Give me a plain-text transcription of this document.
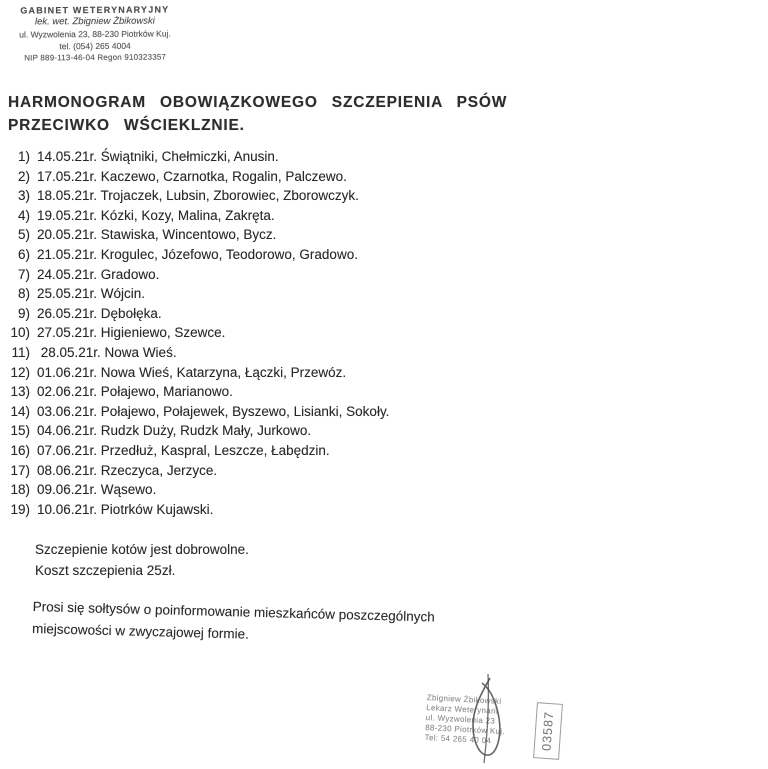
GABINET WETERYNARYJNY
lek. wet. Zbigniew Żbikowski
ul. Wyzwolenia 23, 88-230 Piotrków Kuj.
tel. (054) 265 4004
NIP 889-113-46-04 Regon 910323357
HARMONOGRAM OBOWIĄZKOWEGO SZCZEPIENIA PSÓW
PRZECIWKO WŚCIEKLZNIE.
1) 14.05.21r. Świątniki, Chełmiczki, Anusin.
2) 17.05.21r. Kaczewo, Czarnotka, Rogalin, Palczewo.
3) 18.05.21r. Trojaczek, Lubsin, Zborowiec, Zborowczyk.
4) 19.05.21r. Kózki, Kozy, Malina, Zakręta.
5) 20.05.21r. Stawiska, Wincentowo, Bycz.
6) 21.05.21r. Krogulec, Józefowo, Teodorowo, Gradowo.
7) 24.05.21r. Gradowo.
8) 25.05.21r. Wójcin.
9) 26.05.21r. Dębołęka.
10) 27.05.21r. Higieniewo, Szewce.
11) 28.05.21r. Nowa Wieś.
12) 01.06.21r. Nowa Wieś, Katarzyna, Łączki, Przewóz.
13) 02.06.21r. Połajewo, Marianowo.
14) 03.06.21r. Połajewo, Połajewek, Byszewo, Lisianki, Sokoły.
15) 04.06.21r. Rudzk Duży, Rudzk Mały, Jurkowo.
16) 07.06.21r. Przedłuż, Kaspral, Leszcze, Łabędzin.
17) 08.06.21r. Rzeczyca, Jerzyce.
18) 09.06.21r. Wąsewo.
19) 10.06.21r. Piotrków Kujawski.
Szczepienie kotów jest dobrowolne.
Koszt szczepienia 25zł.
Prosi się sołtysów o poinformowanie mieszkańców poszczególnych miejscowości w zwyczajowej formie.
Zbigniew Żbikowski
Lekarz Weterynarii
ul. Wyzwolenia 23
88-230 Piotrków Kuj.
Tel: 54 265 40 04	03587
